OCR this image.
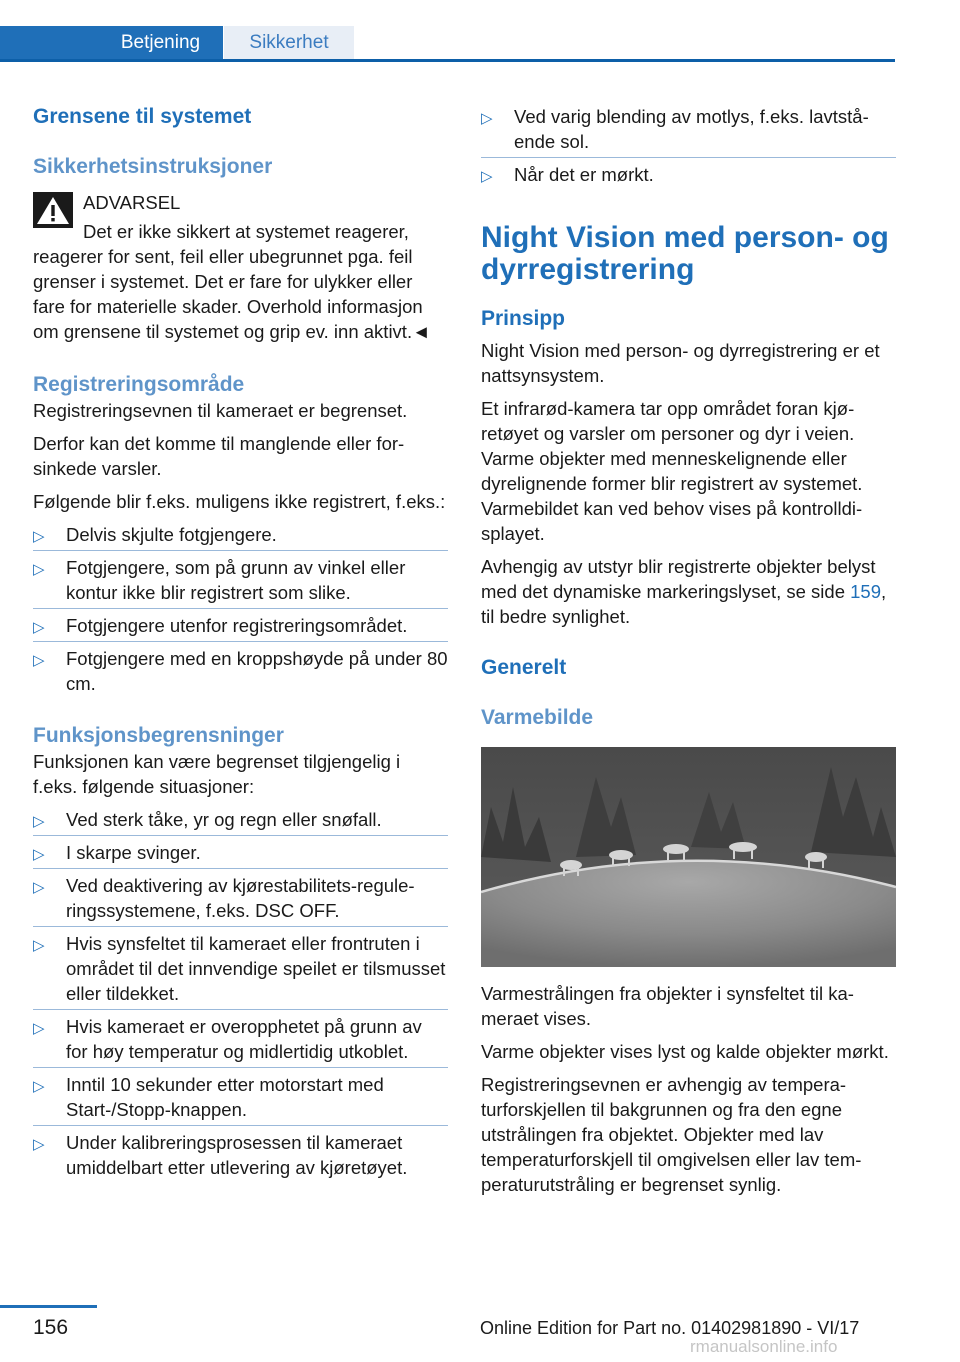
Betjening	Sikkerhet
Grensene til systemet
Sikkerhetsinstruksjoner

ADVARSEL

Det er ikke sikkert at systemet reagerer, reagerer for sent, feil eller ubegrunnet pga. feil grenser i systemet. Det er fare for ulykker eller fare for materielle skader. Overhold informasjon om grensene til systemet og grip ev. inn aktivt.◄

Registreringsområde

Registreringsevnen til kameraet er begrenset.

Derfor kan det komme til manglende eller forsinkede varsler.

Følgende blir f.eks. muligens ikke registrert, f.eks.:

▷ Delvis skjulte fotgjengere.
▷ Fotgjengere, som på grunn av vinkel eller kontur ikke blir registrert som slike.
▷ Fotgjengere utenfor registreringsområdet.
▷ Fotgjengere med en kroppshøyde på under 80 cm.
Funksjonsbegrensninger

Funksjonen kan være begrenset tilgjengelig i f.eks. følgende situasjoner:

▷ Ved sterk tåke, yr og regn eller snøfall.
▷ I skarpe svinger.
▷ Ved deaktivering av kjørestabilitets-reguleringssystemene, f.eks. DSC OFF.
▷ Hvis synsfeltet til kameraet eller frontruten i området til det innvendige speilet er tilsmusset eller tildekket.
▷ Hvis kameraet er overopphetet på grunn av for høy temperatur og midlertidig utkoblet.
▷ Inntil 10 sekunder etter motorstart med Start-/Stopp-knappen.
▷ Under kalibreringsprosessen til kameraet umiddelbart etter utlevering av kjøretøyet.
▷ Ved varig blending av motlys, f.eks. lavtstående sol.
▷ Når det er mørkt.
Night Vision med person- og dyrregistrering
Prinsipp

Night Vision med person- og dyrregistrering er et nattsynsystem.

Et infrarød-kamera tar opp området foran kjøretøyet og varsler om personer og dyr i veien. Varme objekter med menneskelignende eller dyrelignende former blir registrert av systemet. Varmebildet kan ved behov vises på kontrolldisplayet.

Avhengig av utstyr blir registrerte objekter belyst med det dynamiske markeringslyset, se side 159, til bedre synlighet.

Generelt
Varmebilde

Varmestrålingen fra objekter i synsfeltet til kameraet vises.

Varme objekter vises lyst og kalde objekter mørkt.

Registreringsevnen er avhengig av temperaturforskjellen til bakgrunnen og fra den egne utstrålingen fra objektet. Objekter med lav temperaturforskjell til omgivelsen eller lav temperaturutstråling er begrenset synlig.

156	Online Edition for Part no. 01402981890 - VI/17
rmanualsonline.info
